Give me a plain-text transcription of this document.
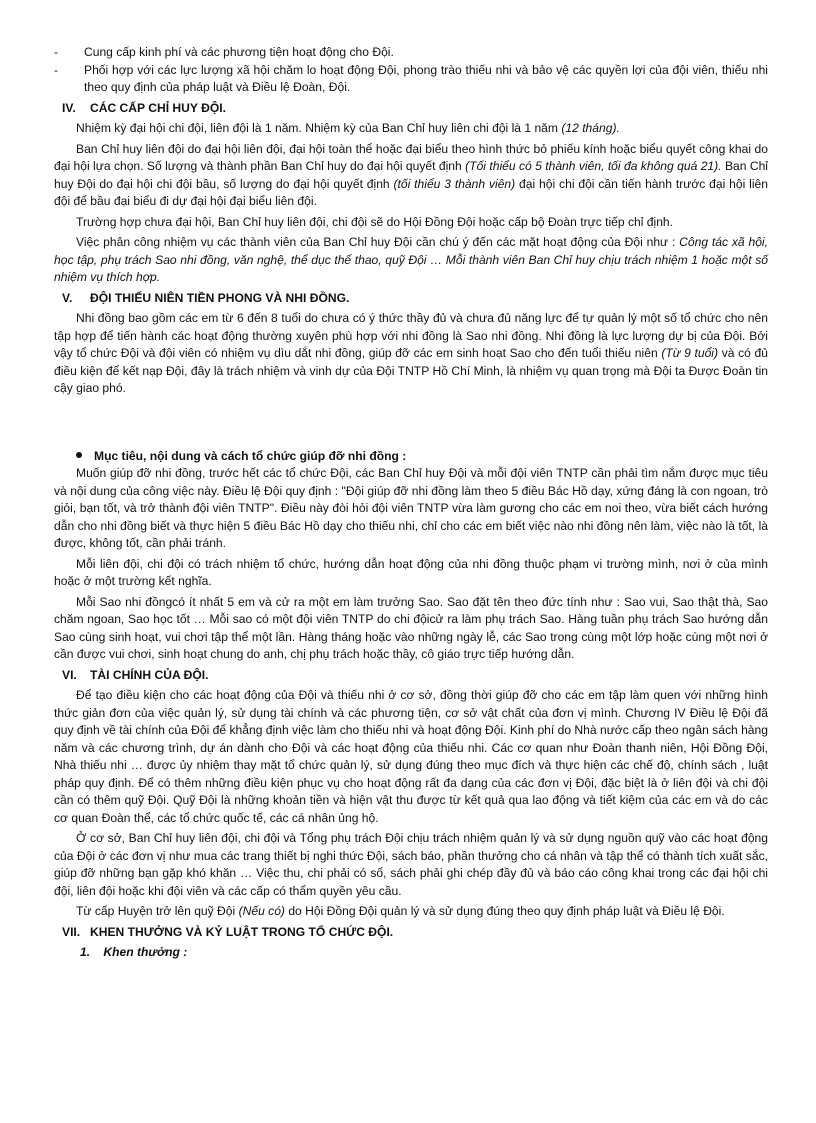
-	Cung cấp kinh phí và các phương tiện hoạt động cho Đội.
-	Phối hợp với các lực lượng xã hội chăm lo hoạt động Đội, phong trào thiếu nhi và bảo vệ các quyền lợi của đội viên, thiếu nhi theo quy định của pháp luật và Điều lệ Đoàn, Đội.
IV.	CÁC CẤP CHỈ HUY ĐỘI.

Nhiệm kỳ đại hội chi đội, liên đội là 1 năm. Nhiệm kỳ của Ban Chỉ huy liên chi đội là 1 năm (12 tháng).

Ban Chỉ huy liên đội do đại hội liên đội, đại hội toàn thể hoặc đại biểu theo hình thức bỏ phiếu kính hoặc biểu quyết công khai do đại hội lựa chọn. Số lượng và thành phần Ban Chỉ huy do đại hội quyết định (Tối thiểu có 5 thành viên, tối đa không quá 21). Ban Chỉ huy Đội do đại hội chi đội bầu, số lượng do đại hội quyết định (tối thiểu 3 thành viên) đại hội chi đội cần tiến hành trước đại hội liên đội để bầu đại biểu đi dự đại hội đại biểu liên đội.

Trường hợp chưa đại hội, Ban Chỉ huy liên đội, chi đội sẽ do Hội Đồng Đội hoặc cấp bộ Đoàn trực tiếp chỉ định.

Việc phân công nhiệm vụ các thành viên của Ban Chỉ huy Đội cần chú ý đến các mặt hoạt động của Đội như : Công tác xã hội, học tập, phụ trách Sao nhi đồng, văn nghệ, thể dục thể thao, quỹ Đội … Mỗi thành viên Ban Chỉ huy chịu trách nhiệm 1 hoặc một số nhiệm vụ thích hợp.

V.	ĐỘI THIẾU NIÊN TIỀN PHONG VÀ NHI ĐỒNG.

Nhi đồng bao gồm các em từ 6 đến 8 tuổi do chưa có ý thức thầy đủ và chưa đủ năng lực để tự quản lý một số tổ chức cho nên tập hợp để tiến hành các hoạt động thường xuyên phù hợp với nhi đồng là Sao nhi đồng. Nhi đồng là lực lượng dự bị của Đội. Bởi vậy tổ chức Đội và đội viên có nhiệm vụ dìu dắt nhi đồng, giúp đỡ các em sinh hoạt Sao cho đến tuổi thiếu niên (Từ 9 tuổi) và có đủ điều kiện để kết nạp Đội, đây là trách nhiệm và vinh dự của Đội TNTP Hồ Chí Minh, là nhiệm vụ quan trọng mà Đội ta Được Đoàn tin cậy giao phó.

Mục tiêu, nội dung và cách tổ chức giúp đỡ nhi đồng :

Muốn giúp đỡ nhi đồng, trước hết các tổ chức Đội, các Ban Chỉ huy Đội và mỗi đội viên TNTP cần phải tìm nắm được mục tiêu và nội dung của công việc này. Điều lệ Đội quy định : "Đội giúp đỡ nhi đồng làm theo 5 điều Bác Hồ dạy, xứng đáng là con ngoan, trò giỏi, bạn tốt, và trở thành đội viên TNTP". Điều này đòi hỏi đội viên TNTP vừa làm gương cho các em noi theo, vừa biết cách hướng dẫn cho nhi đồng biết và thực hiện 5 điều Bác Hồ dạy cho thiếu nhi, chỉ cho các em biết việc nào nhi đồng nên làm, việc nào là tốt, là được, không tốt, cần phải tránh.

Mỗi liên đội, chi đội có trách nhiệm tổ chức, hướng dẫn hoạt động của nhi đồng thuộc phạm vi trường mình, nơi ở của mình hoặc ở một trường kết nghĩa.

Mỗi Sao nhi đồngcó ít nhất 5 em và cử ra một em làm trưởng Sao. Sao đặt tên theo đức tính như : Sao vui, Sao thật thà, Sao chăm ngoan, Sao học tốt … Mỗi sao có một đội viên TNTP do chi độicử ra làm phụ trách Sao. Hàng tuần phụ trách Sao hướng dẫn Sao cùng sinh hoạt, vui chơi tập thể một lần. Hàng tháng hoặc vào những ngày lễ, các Sao trong cùng một lớp hoặc cùng một nơi ở cần được vui chơi, sinh hoạt chung do anh, chị phụ trách hoặc thầy, cô giáo trực tiếp hướng dẫn.

VI.	TÀI CHÍNH CỦA ĐỘI.

Để tạo điều kiện cho các hoạt động của Đội và thiếu nhi ở cơ sở, đồng thời giúp đỡ cho các em tập làm quen với những hình thức giản đơn của việc quản lý, sử dụng tài chính và các phương tiện, cơ sở vật chất của đơn vị mình. Chương IV Điều lệ Đội đã quy định về tài chính của Đội để khẳng định việc làm cho thiếu nhi và hoạt động Đội. Kinh phí do Nhà nước cấp theo ngân sách hàng năm và các chương trình, dự án dành cho Đội và các hoạt động của thiếu nhi. Các cơ quan như Đoàn thanh niên, Hội Đồng Đội, Nhà thiếu nhi … được ủy nhiệm thay mặt tổ chức quản lý, sử dụng đúng theo mục đích và thực hiện các chế độ, chính sách , luật pháp quy định. Để có thêm những điều kiện phục vụ cho hoạt động rất đa dạng của các đơn vị Đội, đặc biệt là ở liên đội và chi đội cần có thêm quỹ Đội. Quỹ Đội là những khoản tiền và hiện vật thu được từ kết quả qua lao động và tiết kiệm của các em và do các cơ quan Đoàn thể, các tổ chức quốc tế, các cá nhân ủng hộ.

Ở cơ sở, Ban Chỉ huy liên đội, chi đội và Tổng phụ trách Đội chịu trách nhiệm quản lý và sử dụng nguồn quỹ vào các hoạt động của Đội ở các đơn vị như mua các trang thiết bị nghi thức Đội, sách báo, phần thưởng cho cá nhân và tập thể có thành tích xuất sắc, giúp đỡ những bạn gặp khó khăn … Việc thu, chi phải có sổ, sách phải ghi chép đầy đủ và báo cáo công khai trong các đại hội chi đội, liên đội hoặc khi đội viên và các cấp có thẩm quyền yêu cầu.

Từ cấp Huyện trở lên quỹ Đội (Nếu có) do Hội Đồng Đội quản lý và sử dụng đúng theo quy định pháp luật và Điều lệ Đội.

VII. KHEN THƯỞNG VÀ KỶ LUẬT TRONG TỔ CHỨC ĐỘI.
1. Khen thưởng :
